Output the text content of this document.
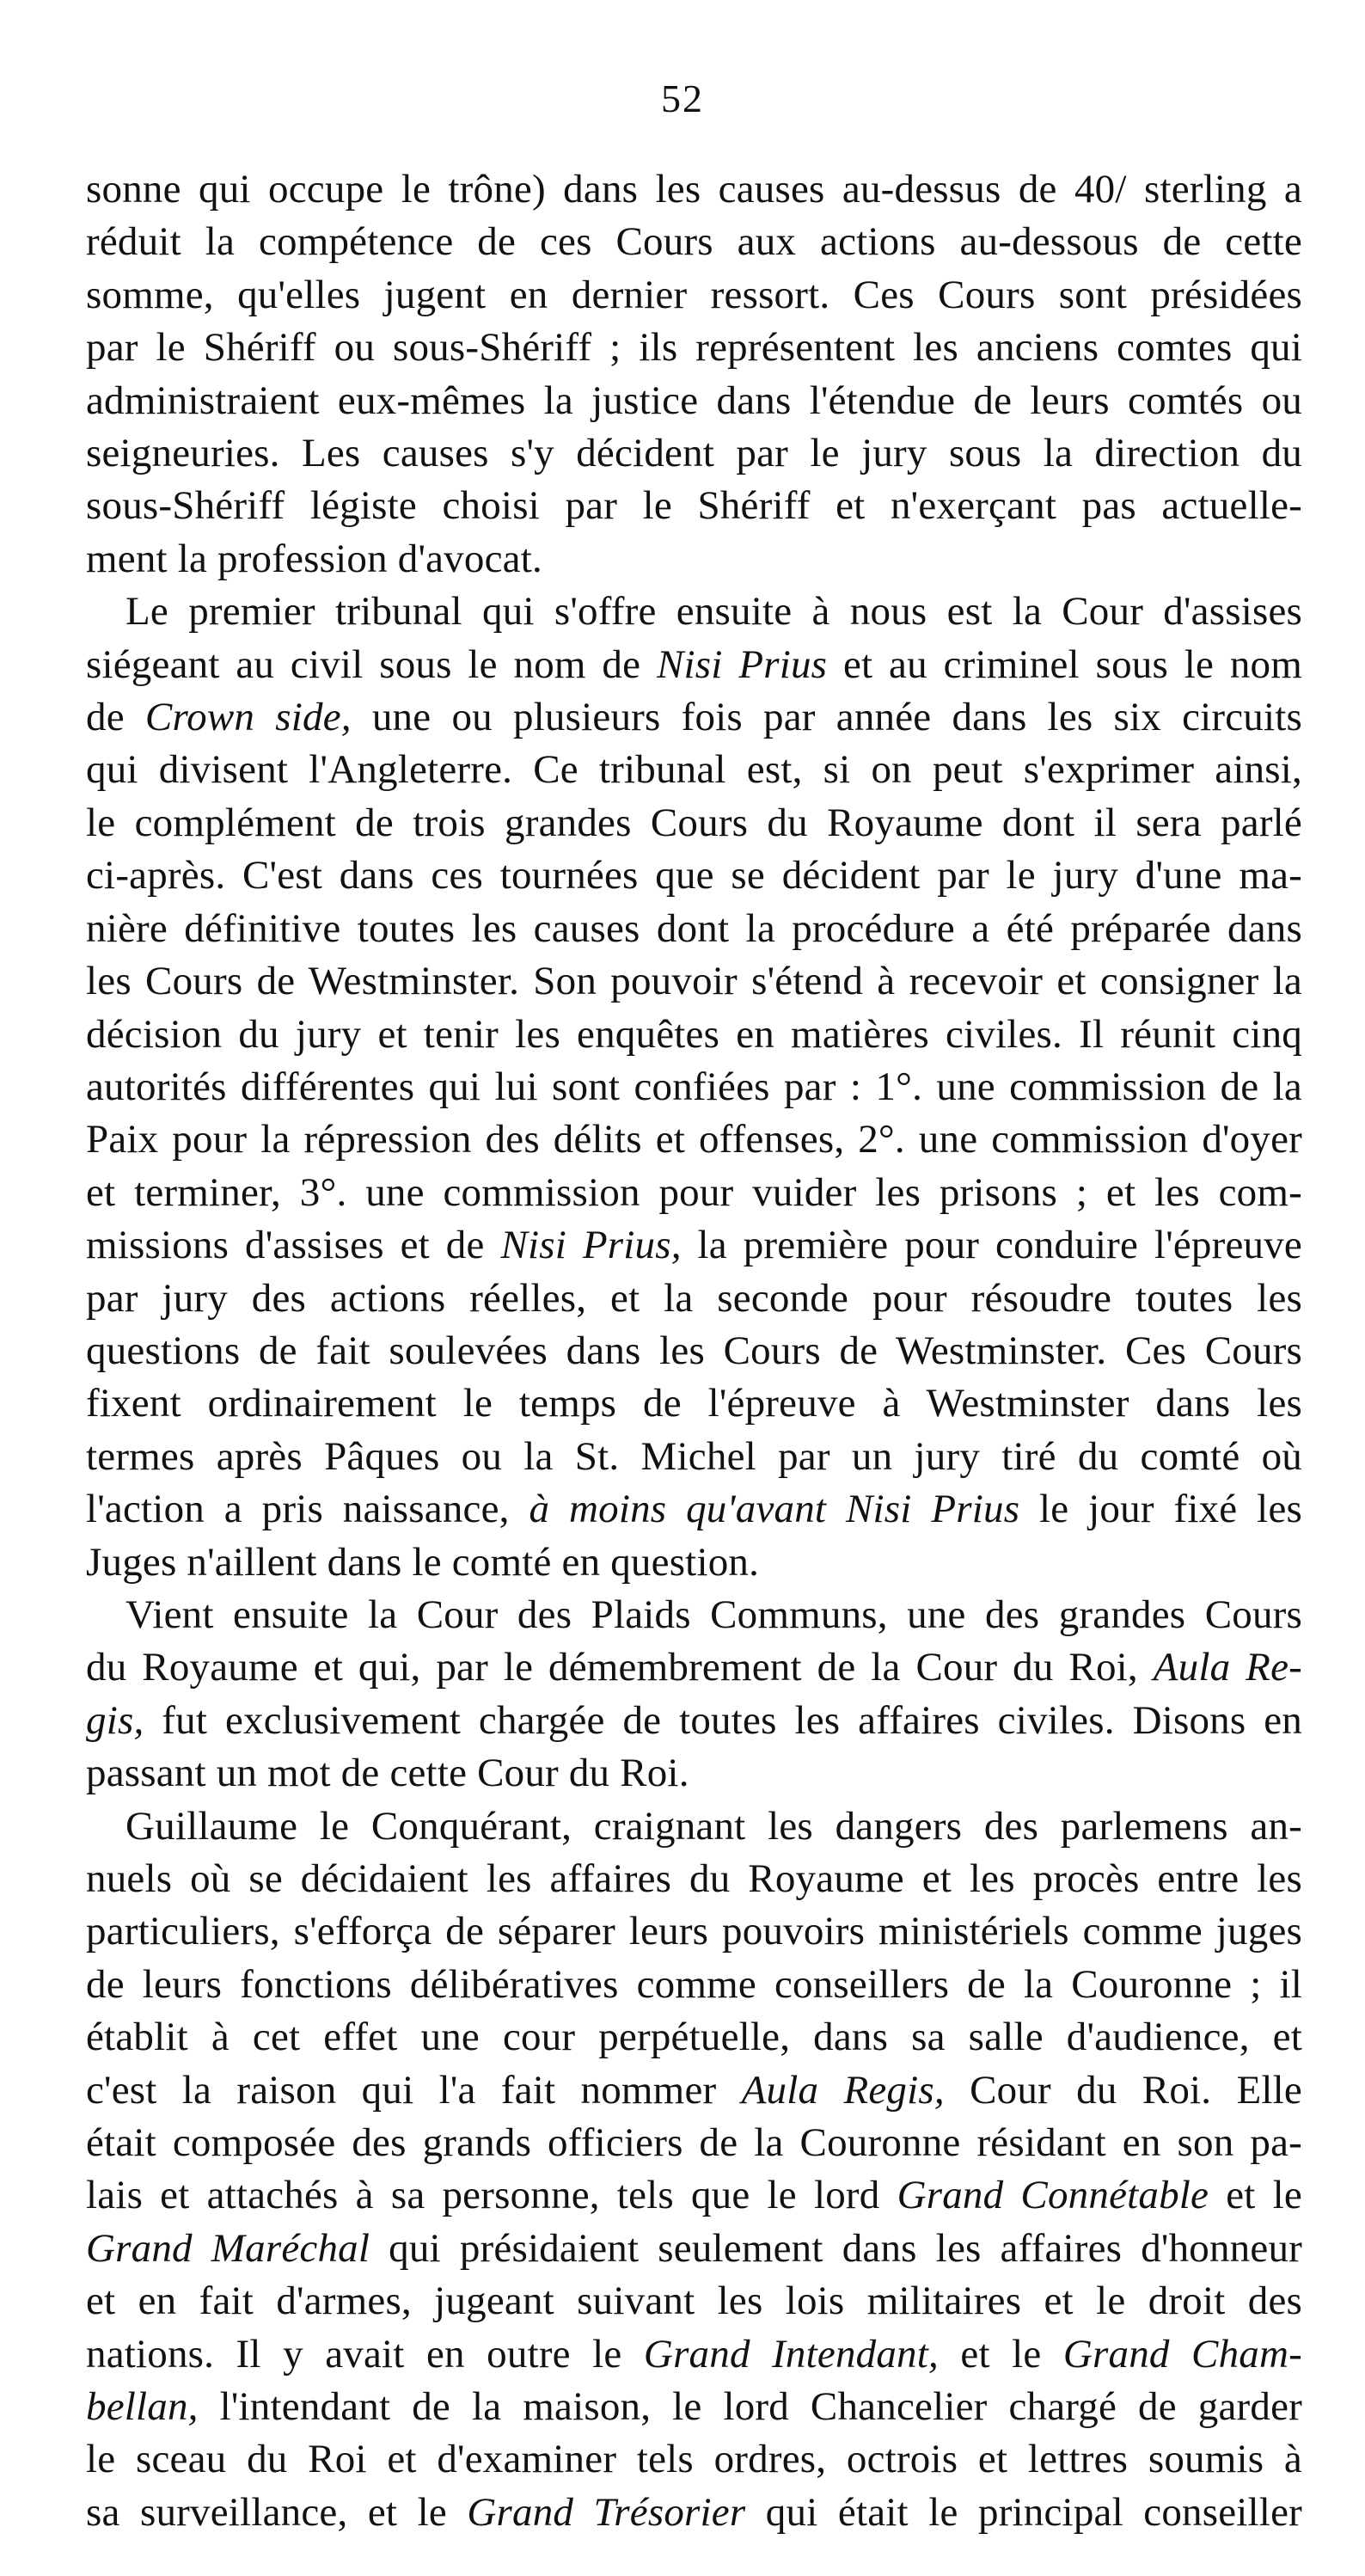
52

sonne qui occupe le trône) dans les causes au-dessus de 40/ sterling a
réduit la compétence de ces Cours aux actions au-dessous de cette
somme, qu'elles jugent en dernier ressort. Ces Cours sont présidées
par le Shériff ou sous-Shériff ; ils représentent les anciens comtes qui
administraient eux-mêmes la justice dans l'étendue de leurs comtés ou
seigneuries. Les causes s'y décident par le jury sous la direction du
sous-Shériff légiste choisi par le Shériff et n'exerçant pas actuelle-
ment la profession d'avocat.

Le premier tribunal qui s'offre ensuite à nous est la Cour d'assises
siégeant au civil sous le nom de Nisi Prius et au criminel sous le nom
de Crown side, une ou plusieurs fois par année dans les six circuits
qui divisent l'Angleterre. Ce tribunal est, si on peut s'exprimer ainsi,
le complément de trois grandes Cours du Royaume dont il sera parlé
ci-après. C'est dans ces tournées que se décident par le jury d'une ma-
nière définitive toutes les causes dont la procédure a été préparée dans
les Cours de Westminster. Son pouvoir s'étend à recevoir et consigner la
décision du jury et tenir les enquêtes en matières civiles. Il réunit cinq
autorités différentes qui lui sont confiées par : 1°. une commission de la
Paix pour la répression des délits et offenses, 2°. une commission d'oyer
et terminer, 3°. une commission pour vuider les prisons ; et les com-
missions d'assises et de Nisi Prius, la première pour conduire l'épreuve
par jury des actions réelles, et la seconde pour résoudre toutes les
questions de fait soulevées dans les Cours de Westminster. Ces Cours
fixent ordinairement le temps de l'épreuve à Westminster dans les
termes après Pâques ou la St. Michel par un jury tiré du comté où
l'action a pris naissance, à moins qu'avant Nisi Prius le jour fixé les
Juges n'aillent dans le comté en question.

Vient ensuite la Cour des Plaids Communs, une des grandes Cours
du Royaume et qui, par le démembrement de la Cour du Roi, Aula Re-
gis, fut exclusivement chargée de toutes les affaires civiles. Disons en
passant un mot de cette Cour du Roi.

Guillaume le Conquérant, craignant les dangers des parlemens an-
nuels où se décidaient les affaires du Royaume et les procès entre les
particuliers, s'efforça de séparer leurs pouvoirs ministériels comme juges
de leurs fonctions délibératives comme conseillers de la Couronne ; il
établit à cet effet une cour perpétuelle, dans sa salle d'audience, et
c'est la raison qui l'a fait nommer Aula Regis, Cour du Roi. Elle
était composée des grands officiers de la Couronne résidant en son pa-
lais et attachés à sa personne, tels que le lord Grand Connétable et le
Grand Maréchal qui présidaient seulement dans les affaires d'honneur
et en fait d'armes, jugeant suivant les lois militaires et le droit des
nations. Il y avait en outre le Grand Intendant, et le Grand Cham-
bellan, l'intendant de la maison, le lord Chancelier chargé de garder
le sceau du Roi et d'examiner tels ordres, octrois et lettres soumis à
sa surveillance, et le Grand Trésorier qui était le principal conseiller
